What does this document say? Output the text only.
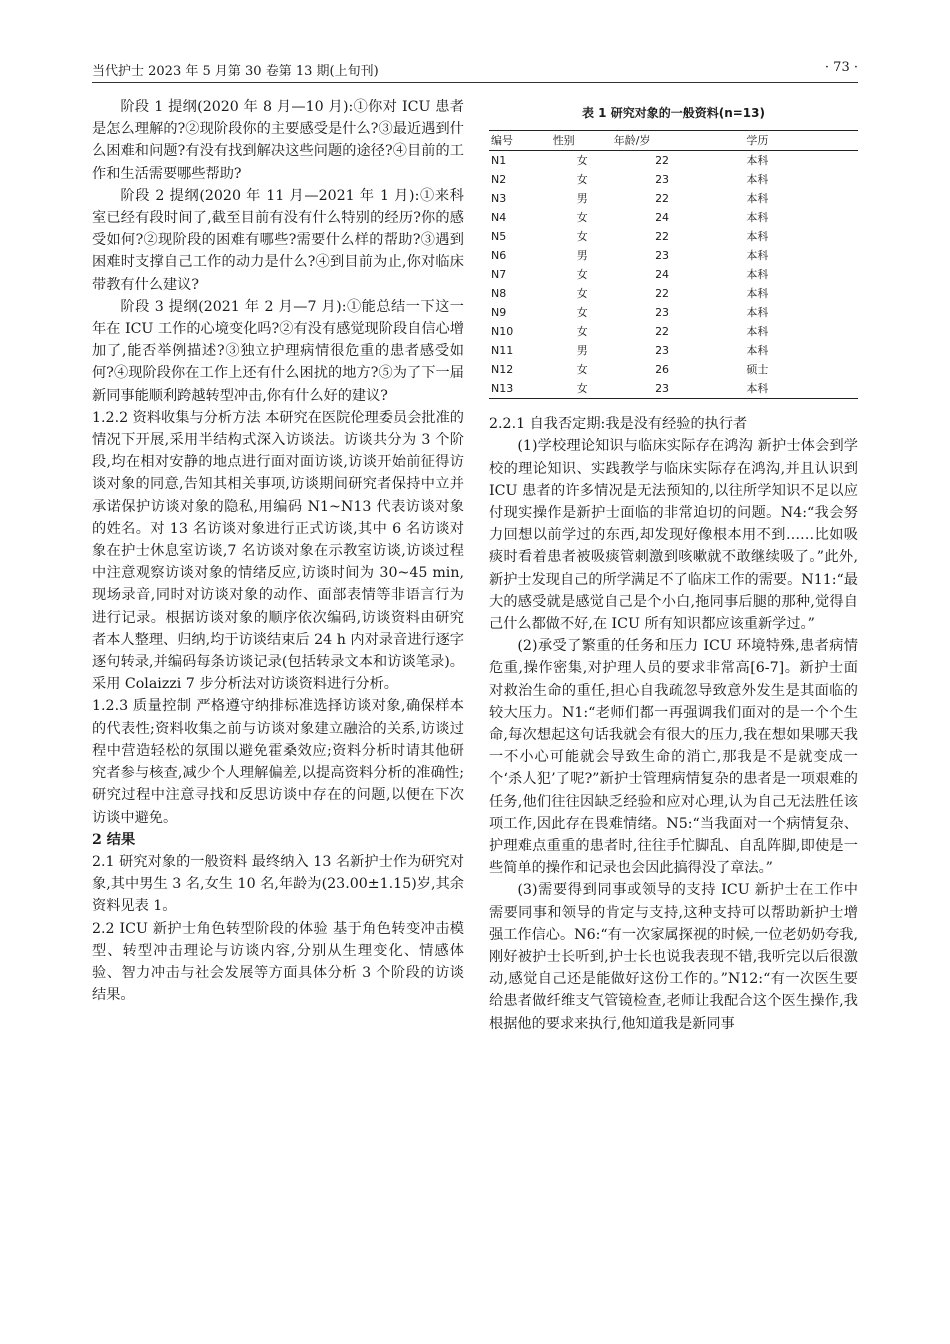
当代护士 2023 年 5 月第 30 卷第 13 期(上旬刊)	· 73 ·

阶段 1 提纲(2020 年 8 月—10 月):①你对 ICU 患者是怎么理解的?②现阶段你的主要感受是什么?③最近遇到什么困难和问题?有没有找到解决这些问题的途径?④目前的工作和生活需要哪些帮助?

阶段 2 提纲(2020 年 11 月—2021 年 1 月):①来科室已经有段时间了,截至目前有没有什么特别的经历?你的感受如何?②现阶段的困难有哪些?需要什么样的帮助?③遇到困难时支撑自己工作的动力是什么?④到目前为止,你对临床带教有什么建议?

阶段 3 提纲(2021 年 2 月—7 月):①能总结一下这一年在 ICU 工作的心境变化吗?②有没有感觉现阶段自信心增加了,能否举例描述?③独立护理病情很危重的患者感受如何?④现阶段你在工作上还有什么困扰的地方?⑤为了下一届新同事能顺利跨越转型冲击,你有什么好的建议?

1.2.2 资料收集与分析方法 本研究在医院伦理委员会批准的情况下开展,采用半结构式深入访谈法。访谈共分为 3 个阶段,均在相对安静的地点进行面对面访谈,访谈开始前征得访谈对象的同意,告知其相关事项,访谈期间研究者保持中立并承诺保护访谈对象的隐私,用编码 N1~N13 代表访谈对象的姓名。对 13 名访谈对象进行正式访谈,其中 6 名访谈对象在护士休息室访谈,7 名访谈对象在示教室访谈,访谈过程中注意观察访谈对象的情绪反应,访谈时间为 30~45 min,现场录音,同时对访谈对象的动作、面部表情等非语言行为进行记录。根据访谈对象的顺序依次编码,访谈资料由研究者本人整理、归纳,均于访谈结束后 24 h 内对录音进行逐字逐句转录,并编码每条访谈记录(包括转录文本和访谈笔录)。采用 Colaizzi 7 步分析法对访谈资料进行分析。

1.2.3 质量控制 严格遵守纳排标准选择访谈对象,确保样本的代表性;资料收集之前与访谈对象建立融洽的关系,访谈过程中营造轻松的氛围以避免霍桑效应;资料分析时请其他研究者参与核查,减少个人理解偏差,以提高资料分析的准确性;研究过程中注意寻找和反思访谈中存在的问题,以便在下次访谈中避免。

2 结果

2.1 研究对象的一般资料 最终纳入 13 名新护士作为研究对象,其中男生 3 名,女生 10 名,年龄为(23.00±1.15)岁,其余资料见表 1。

2.2 ICU 新护士角色转型阶段的体验 基于角色转变冲击模型、转型冲击理论与访谈内容,分别从生理变化、情感体验、智力冲击与社会发展等方面具体分析 3 个阶段的访谈结果。

表 1 研究对象的一般资料(n=13)
编号	性别	年龄/岁	学历
N1	女	22	本科
N2	女	23	本科
N3	男	22	本科
N4	女	24	本科
N5	女	22	本科
N6	男	23	本科
N7	女	24	本科
N8	女	22	本科
N9	女	23	本科
N10	女	22	本科
N11	男	23	本科
N12	女	26	硕士
N13	女	23	本科

2.2.1 自我否定期:我是没有经验的执行者

(1)学校理论知识与临床实际存在鸿沟 新护士体会到学校的理论知识、实践教学与临床实际存在鸿沟,并且认识到 ICU 患者的许多情况是无法预知的,以往所学知识不足以应付现实操作是新护士面临的非常迫切的问题。N4:“我会努力回想以前学过的东西,却发现好像根本用不到……比如吸痰时看着患者被吸痰管刺激到咳嗽就不敢继续吸了。”此外,新护士发现自己的所学满足不了临床工作的需要。N11:“最大的感受就是感觉自己是个小白,拖同事后腿的那种,觉得自己什么都做不好,在 ICU 所有知识都应该重新学过。”

(2)承受了繁重的任务和压力 ICU 环境特殊,患者病情危重,操作密集,对护理人员的要求非常高[6-7]。新护士面对救治生命的重任,担心自我疏忽导致意外发生是其面临的较大压力。N1:“老师们都一再强调我们面对的是一个个生命,每次想起这句话我就会有很大的压力,我在想如果哪天我一不小心可能就会导致生命的消亡,那我是不是就变成一个‘杀人犯’了呢?”新护士管理病情复杂的患者是一项艰难的任务,他们往往因缺乏经验和应对心理,认为自己无法胜任该项工作,因此存在畏难情绪。N5:“当我面对一个病情复杂、护理难点重重的患者时,往往手忙脚乱、自乱阵脚,即使是一些简单的操作和记录也会因此搞得没了章法。”

(3)需要得到同事或领导的支持 ICU 新护士在工作中需要同事和领导的肯定与支持,这种支持可以帮助新护士增强工作信心。N6:“有一次家属探视的时候,一位老奶奶夸我,刚好被护士长听到,护士长也说我表现不错,我听完以后很激动,感觉自己还是能做好这份工作的。”N12:“有一次医生要给患者做纤维支气管镜检查,老师让我配合这个医生操作,我根据他的要求来执行,他知道我是新同事
